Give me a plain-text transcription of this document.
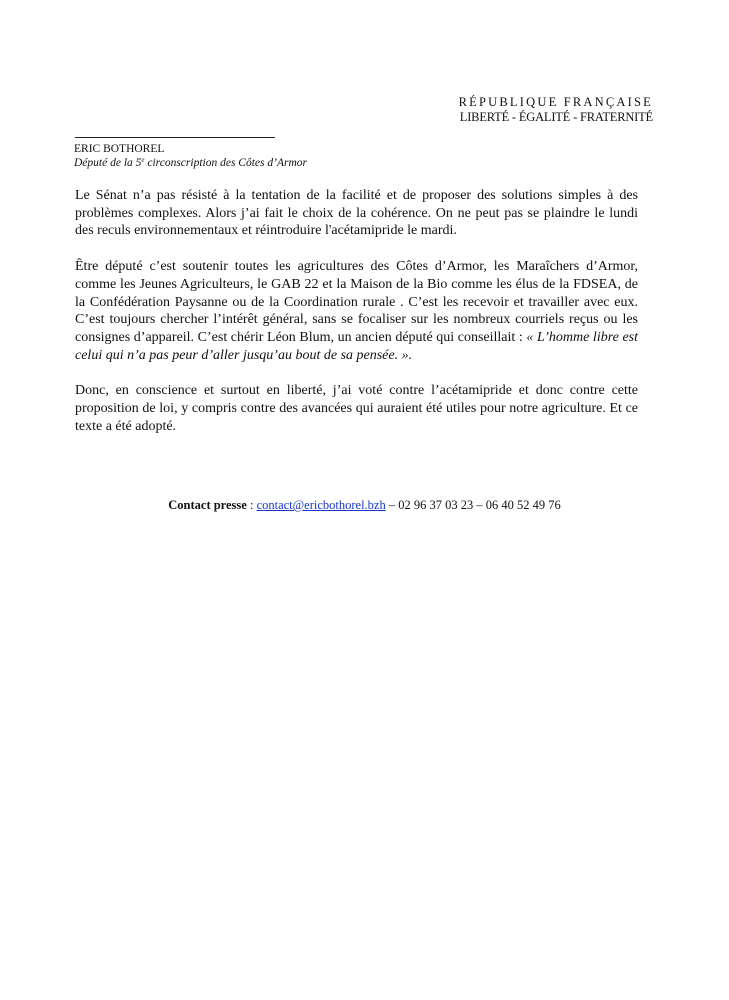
RÉPUBLIQUE FRANÇAISE
LIBERTÉ - ÉGALITÉ - FRATERNITÉ
ERIC BOTHOREL
Député de la 5e circonscription des Côtes d’Armor

Le Sénat n’a pas résisté à la tentation de la facilité et de proposer des solutions simples à des problèmes complexes. Alors j’ai fait le choix de la cohérence. On ne peut pas se plaindre le lundi des reculs environnementaux et réintroduire l'acétamipride le mardi.

Être député c’est soutenir toutes les agricultures des Côtes d’Armor, les Maraîchers d’Armor, comme les Jeunes Agriculteurs, le GAB 22 et la Maison de la Bio comme les élus de la FDSEA, de la Confédération Paysanne ou de la Coordination rurale . C’est les recevoir et travailler avec eux. C’est toujours chercher l’intérêt général, sans se focaliser sur les nombreux courriels reçus ou les consignes d’appareil. C’est chérir Léon Blum, un ancien député qui conseillait : « L’homme libre est celui qui n’a pas peur d’aller jusqu’au bout de sa pensée. ».

Donc, en conscience et surtout en liberté, j’ai voté contre l’acétamipride et donc contre cette proposition de loi, y compris contre des avancées qui auraient été utiles pour notre agriculture. Et ce texte a été adopté.

Contact presse : contact@ericbothorel.bzh – 02 96 37 03 23 – 06 40 52 49 76
